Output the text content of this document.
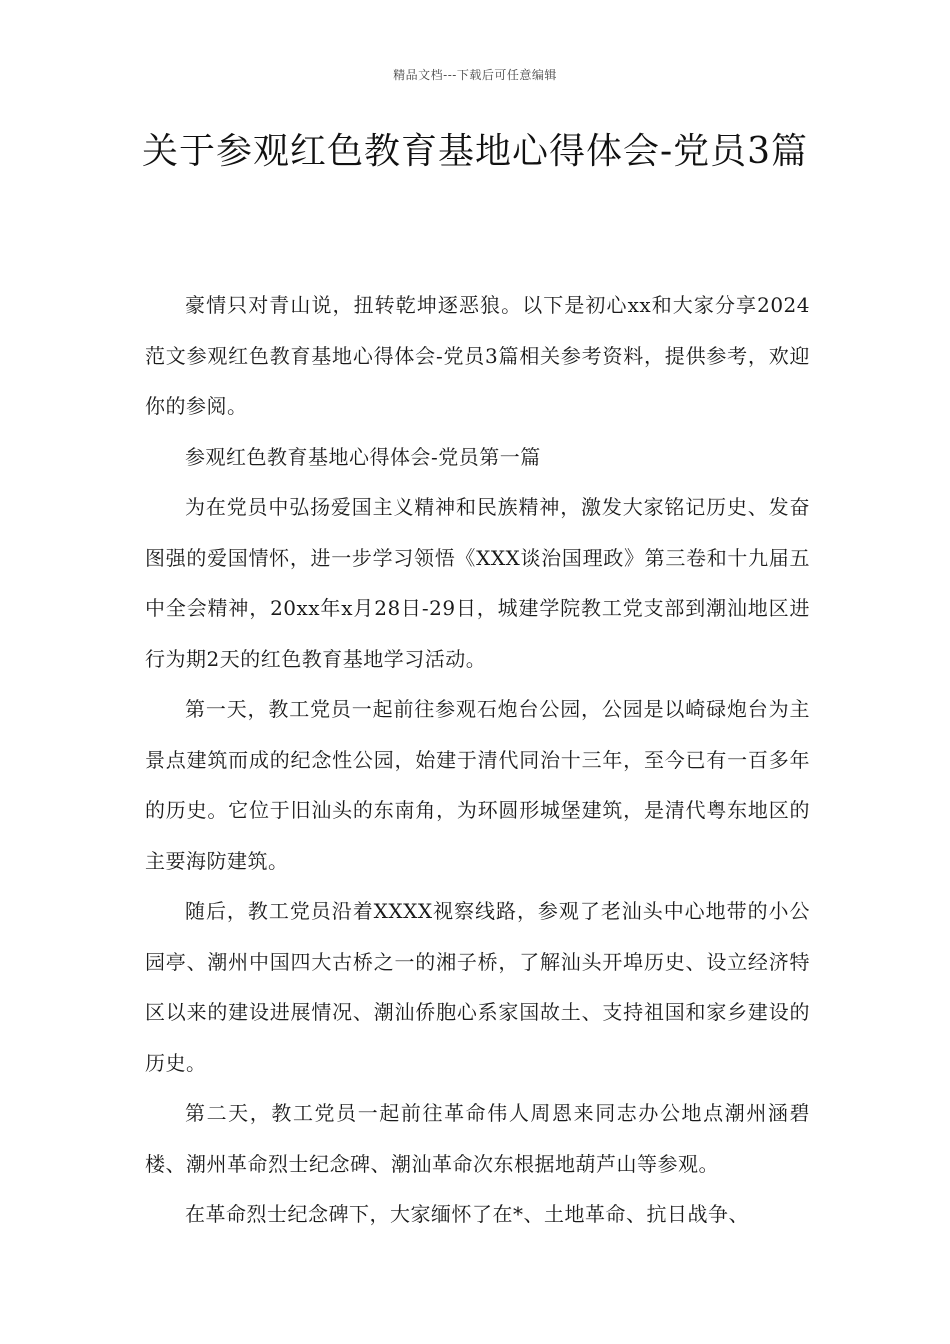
精品文档---下载后可任意编辑
关于参观红色教育基地心得体会-党员3篇

豪情只对青山说，扭转乾坤逐恶狼。以下是初心xx和大家分享2024范文参观红色教育基地心得体会-党员3篇相关参考资料，提供参考，欢迎你的参阅。

参观红色教育基地心得体会-党员第一篇

为在党员中弘扬爱国主义精神和民族精神，激发大家铭记历史、发奋图强的爱国情怀，进一步学习领悟《XXX谈治国理政》第三卷和十九届五中全会精神，20xx年x月28日-29日，城建学院教工党支部到潮汕地区进行为期2天的红色教育基地学习活动。

第一天，教工党员一起前往参观石炮台公园，公园是以崎碌炮台为主景点建筑而成的纪念性公园，始建于清代同治十三年，至今已有一百多年的历史。它位于旧汕头的东南角，为环圆形城堡建筑，是清代粤东地区的主要海防建筑。

随后，教工党员沿着XXXX视察线路，参观了老汕头中心地带的小公园亭、潮州中国四大古桥之一的湘子桥，了解汕头开埠历史、设立经济特区以来的建设进展情况、潮汕侨胞心系家国故土、支持祖国和家乡建设的历史。

第二天，教工党员一起前往革命伟人周恩来同志办公地点潮州涵碧楼、潮州革命烈士纪念碑、潮汕革命次东根据地葫芦山等参观。

在革命烈士纪念碑下，大家缅怀了在*、土地革命、抗日战争、
